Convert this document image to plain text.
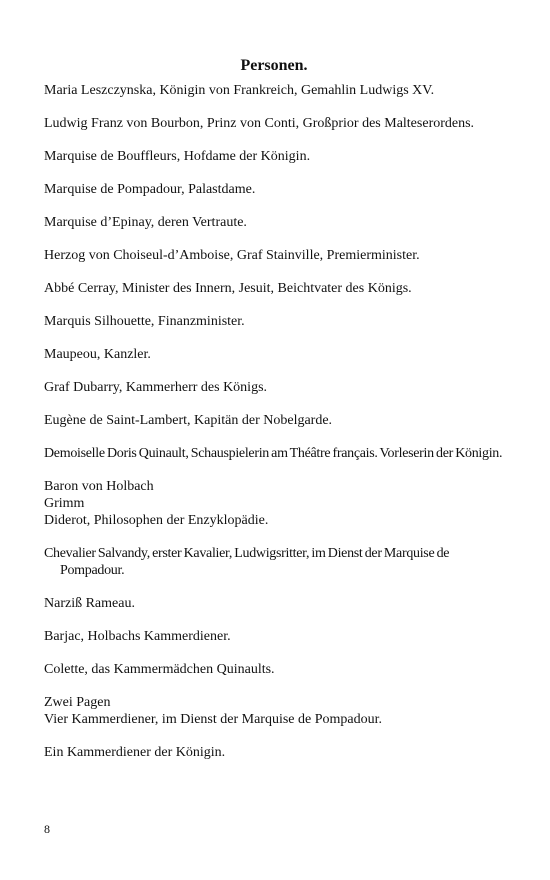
Personen.

Maria Leszczynska, Königin von Frankreich, Gemahlin Ludwigs XV.

Ludwig Franz von Bourbon, Prinz von Conti, Großprior des Malteserordens.

Marquise de Boufflеurs, Hofdame der Königin.

Marquise de Pompadour, Palastdame.

Marquise d’Epinay, deren Vertraute.

Herzog von Choiseul-d’Amboise, Graf Stainville, Premierminister.

Abbé Cerray, Minister des Innern, Jesuit, Beichtvater des Königs.

Marquis Silhouette, Finanzminister.

Maupeou, Kanzler.

Graf Dubarry, Kammerherr des Königs.

Eugène de Saint-Lambert, Kapitän der Nobelgarde.

Demoiselle Doris Quinault, Schauspielerin am Théâtre français. Vorleserin der Königin.

Baron von Holbach

Grimm

Diderot, Philosophen der Enzyklopädie.

Chevalier Salvandy, erster Kavalier, Ludwigsritter, im Dienst der Marquise de Pompadour.

Narziß Rameau.

Barjac, Holbachs Kammerdiener.

Colette, das Kammermädchen Quinaults.

Zwei Pagen

Vier Kammerdiener, im Dienst der Marquise de Pompadour.

Ein Kammerdiener der Königin.

8
